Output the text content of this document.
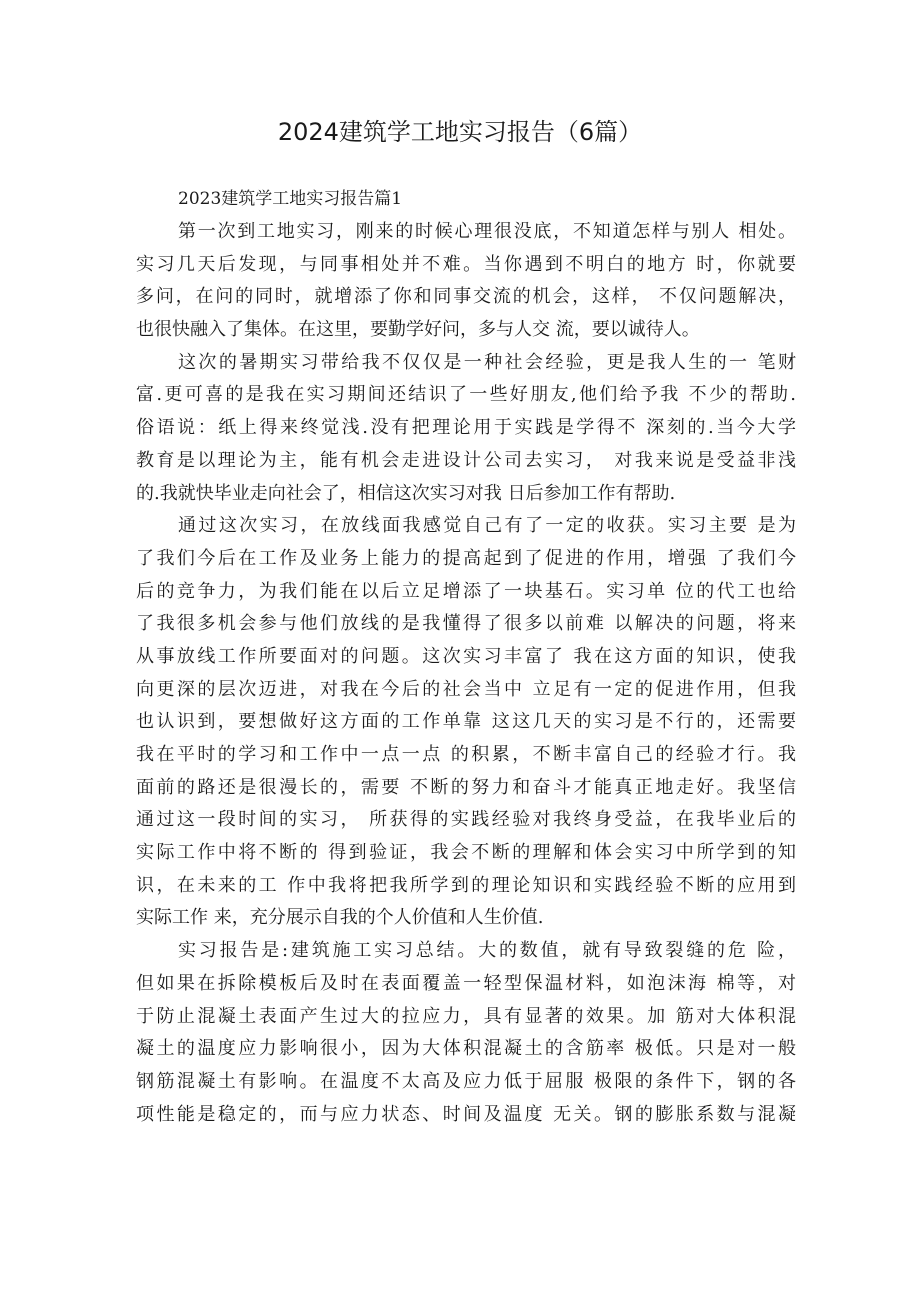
2024建筑学工地实习报告（6篇）

2023建筑学工地实习报告篇1

第一次到工地实习，刚来的时候心理很没底，不知道怎样与别人 相处。
实习几天后发现，与同事相处并不难。当你遇到不明白的地方 时，你就要
多问，在问的同时，就增添了你和同事交流的机会，这样， 不仅问题解决，
也很快融入了集体。在这里，要勤学好问，多与人交 流，要以诚待人。
这次的暑期实习带给我不仅仅是一种社会经验，更是我人生的一 笔财
富.更可喜的是我在实习期间还结识了一些好朋友,他们给予我 不少的帮助.
俗语说：纸上得来终觉浅.没有把理论用于实践是学得不 深刻的.当今大学
教育是以理论为主，能有机会走进设计公司去实习， 对我来说是受益非浅
的.我就快毕业走向社会了，相信这次实习对我 日后参加工作有帮助.
通过这次实习，在放线面我感觉自己有了一定的收获。实习主要 是为
了我们今后在工作及业务上能力的提高起到了促进的作用，增强 了我们今
后的竞争力，为我们能在以后立足增添了一块基石。实习单 位的代工也给
了我很多机会参与他们放线的是我懂得了很多以前难 以解决的问题，将来
从事放线工作所要面对的问题。这次实习丰富了 我在这方面的知识，使我
向更深的层次迈进，对我在今后的社会当中 立足有一定的促进作用，但我
也认识到，要想做好这方面的工作单靠 这这几天的实习是不行的，还需要
我在平时的学习和工作中一点一点 的积累，不断丰富自己的经验才行。我
面前的路还是很漫长的，需要 不断的努力和奋斗才能真正地走好。我坚信
通过这一段时间的实习， 所获得的实践经验对我终身受益，在我毕业后的
实际工作中将不断的 得到验证，我会不断的理解和体会实习中所学到的知
识，在未来的工 作中我将把我所学到的理论知识和实践经验不断的应用到
实际工作 来，充分展示自我的个人价值和人生价值.
实习报告是:建筑施工实习总结。大的数值，就有导致裂缝的危 险，
但如果在拆除模板后及时在表面覆盖一轻型保温材料，如泡沫海 棉等，对
于防止混凝土表面产生过大的拉应力，具有显著的效果。加 筋对大体积混
凝土的温度应力影响很小，因为大体积混凝土的含筋率 极低。只是对一般
钢筋混凝土有影响。在温度不太高及应力低于屈服 极限的条件下，钢的各
项性能是稳定的，而与应力状态、时间及温度 无关。钢的膨胀系数与混凝
